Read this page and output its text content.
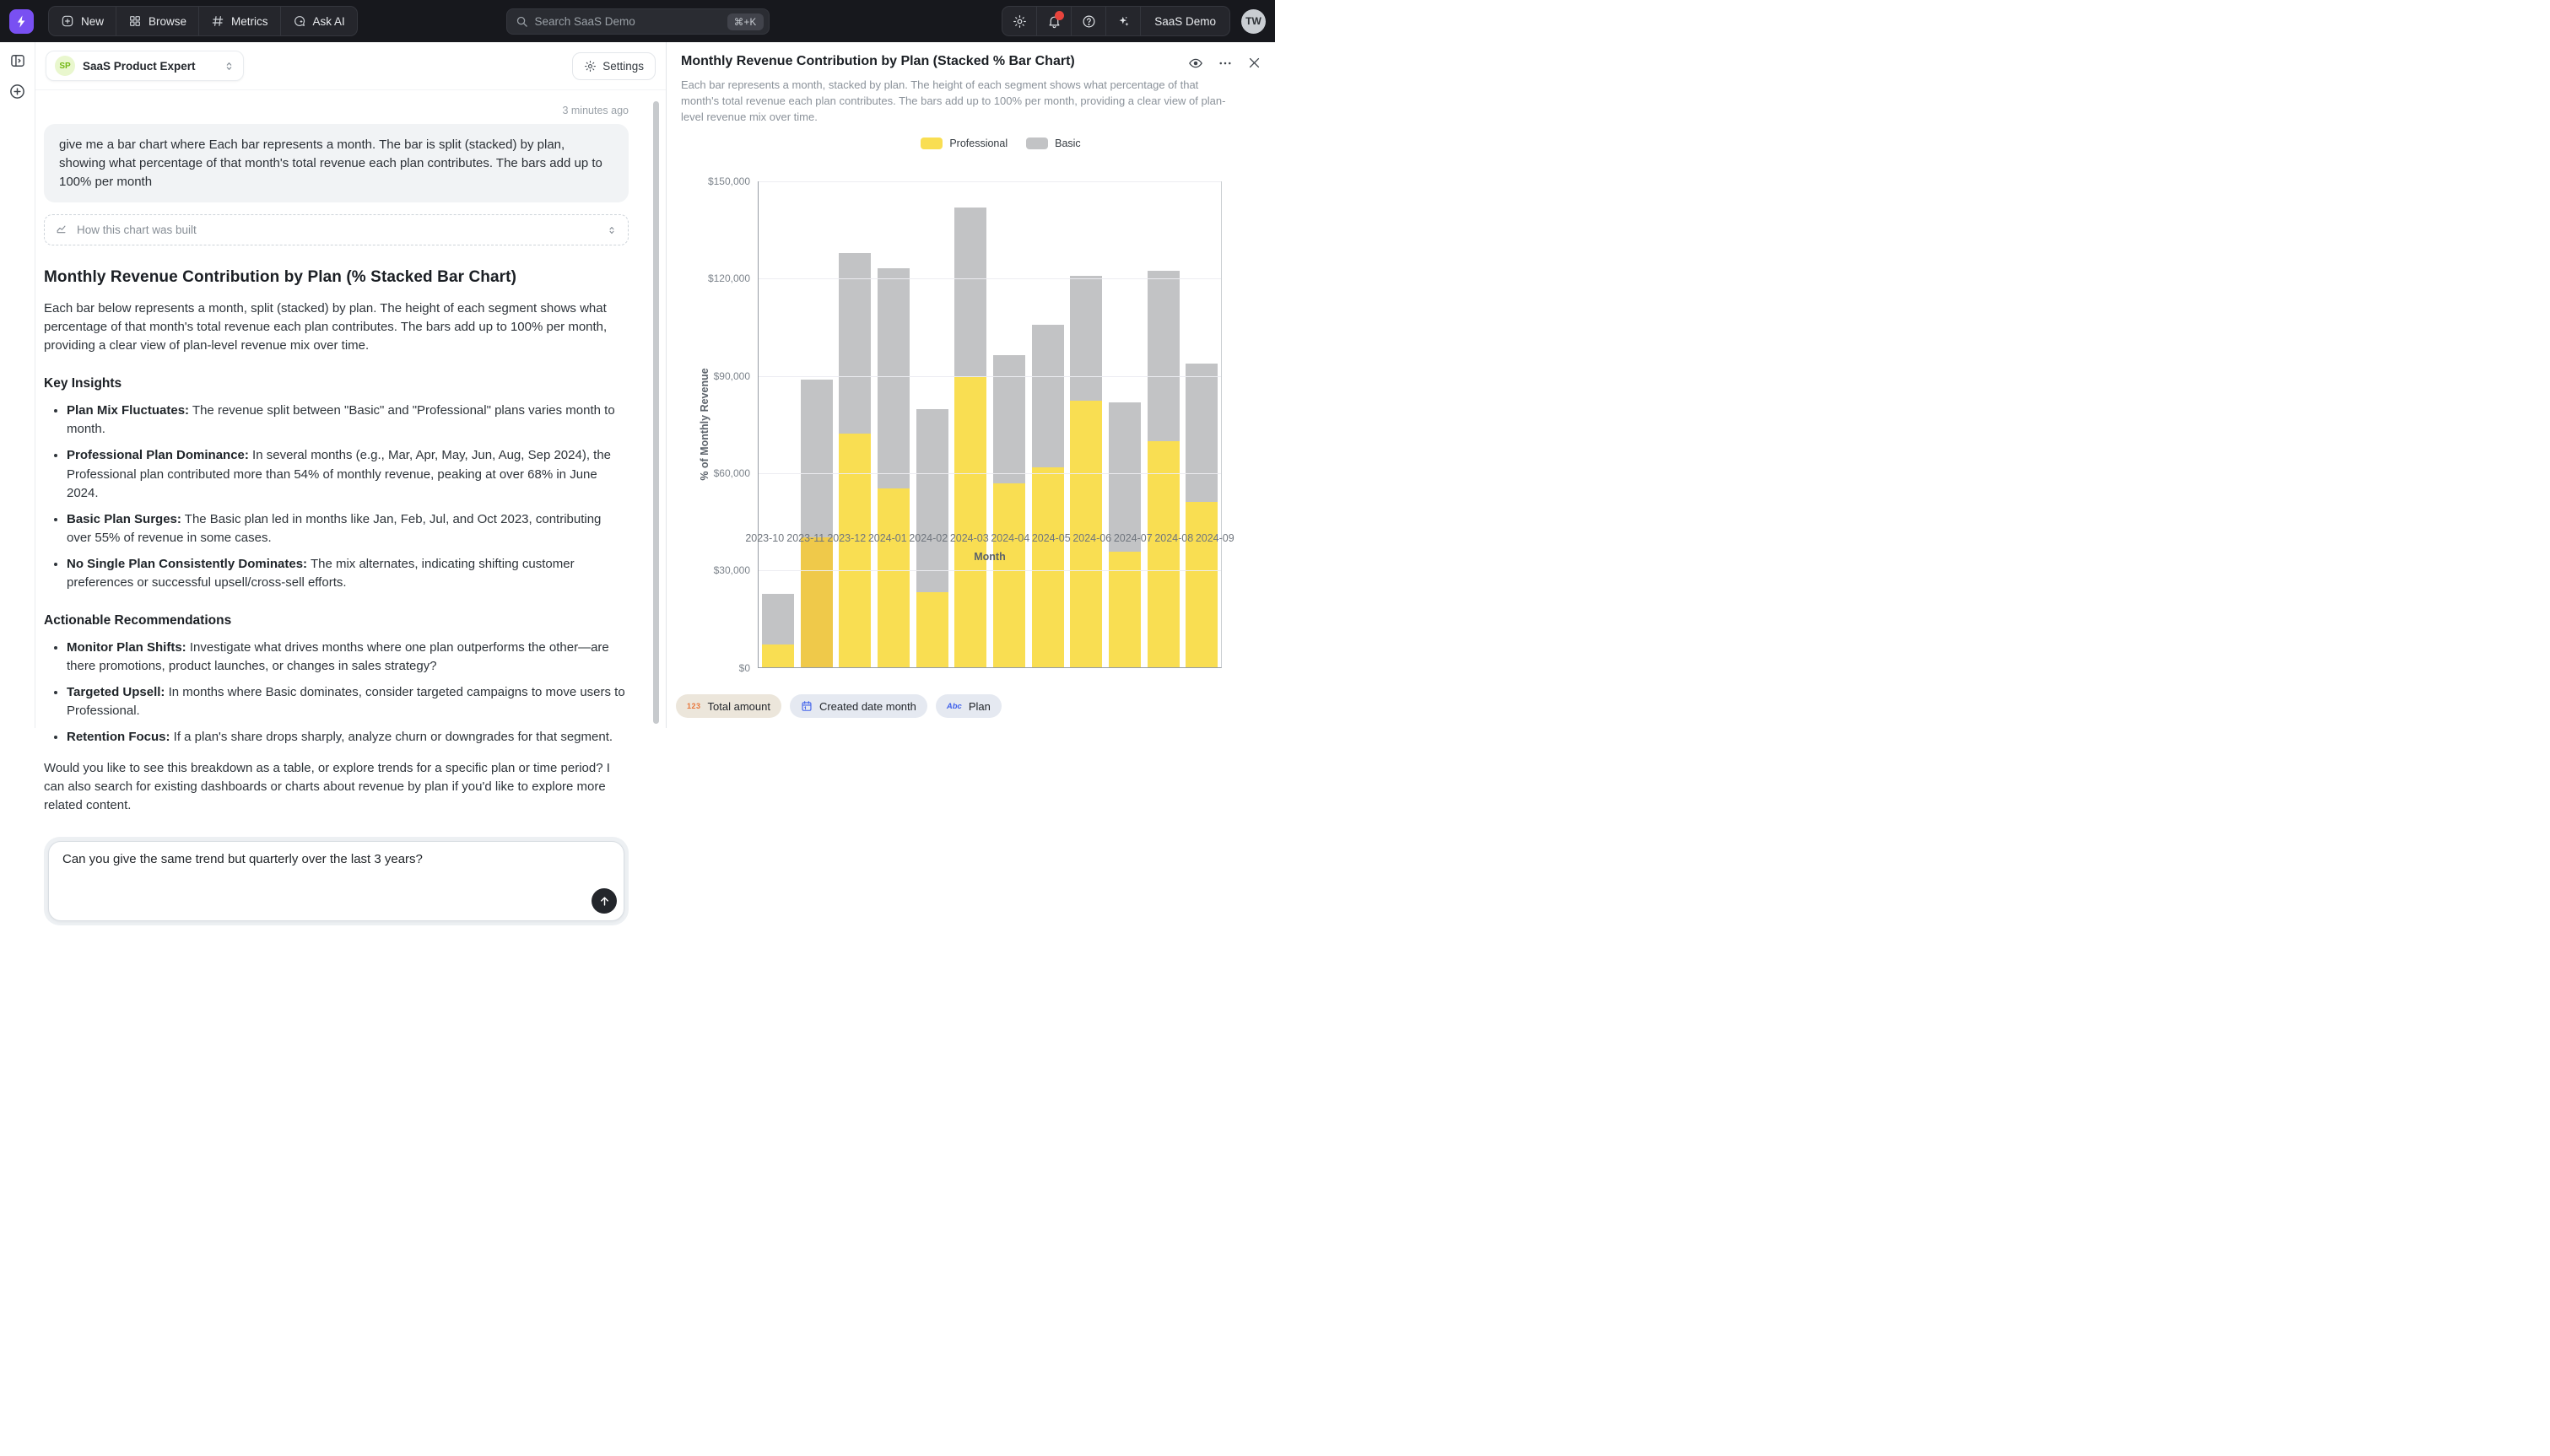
New	Browse	Metrics	Ask AI	Search SaaS Demo	⌘+K	SaaS Demo	TW
SP	SaaS Product Expert	Settings
3 minutes ago
give me a bar chart where Each bar represents a month. The bar is split (stacked) by plan, showing what percentage of that month's total revenue each plan contributes. The bars add up to 100% per month
How this chart was built
Monthly Revenue Contribution by Plan (% Stacked Bar Chart)

Each bar below represents a month, split (stacked) by plan. The height of each segment shows what percentage of that month's total revenue each plan contributes. The bars add up to 100% per month, providing a clear view of plan-level revenue mix over time.

Key Insights
• Plan Mix Fluctuates: The revenue split between "Basic" and "Professional" plans varies month to month.
• Professional Plan Dominance: In several months (e.g., Mar, Apr, May, Jun, Aug, Sep 2024), the Professional plan contributed more than 54% of monthly revenue, peaking at over 68% in June 2024.
• Basic Plan Surges: The Basic plan led in months like Jan, Feb, Jul, and Oct 2023, contributing over 55% of revenue in some cases.
• No Single Plan Consistently Dominates: The mix alternates, indicating shifting customer preferences or successful upsell/cross-sell efforts.
Actionable Recommendations
• Monitor Plan Shifts: Investigate what drives months where one plan outperforms the other—are there promotions, product launches, or changes in sales strategy?
• Targeted Upsell: In months where Basic dominates, consider targeted campaigns to move users to Professional.
• Retention Focus: If a plan's share drops sharply, analyze churn or downgrades for that segment.

Would you like to see this breakdown as a table, or explore trends for a specific plan or time period? I can also search for existing dashboards or charts about revenue by plan if you'd like to explore more related content.

Can you give the same trend but quarterly over the last 3 years?
Monthly Revenue Contribution by Plan (Stacked % Bar Chart)
Each bar represents a month, stacked by plan. The height of each segment shows what percentage of that month's total revenue each plan contributes. The bars add up to 100% per month, providing a clear view of plan-level revenue mix over time.
Professional	Basic
% of Monthly Revenue
$0
$30,000
$60,000
$90,000
$120,000
$150,000
2023-10 2023-11 2023-12 2024-01 2024-02 2024-03 2024-04 2024-05 2024-06 2024-07 2024-08 2024-09
Month
123 Total amount	Created date month	Abc Plan
